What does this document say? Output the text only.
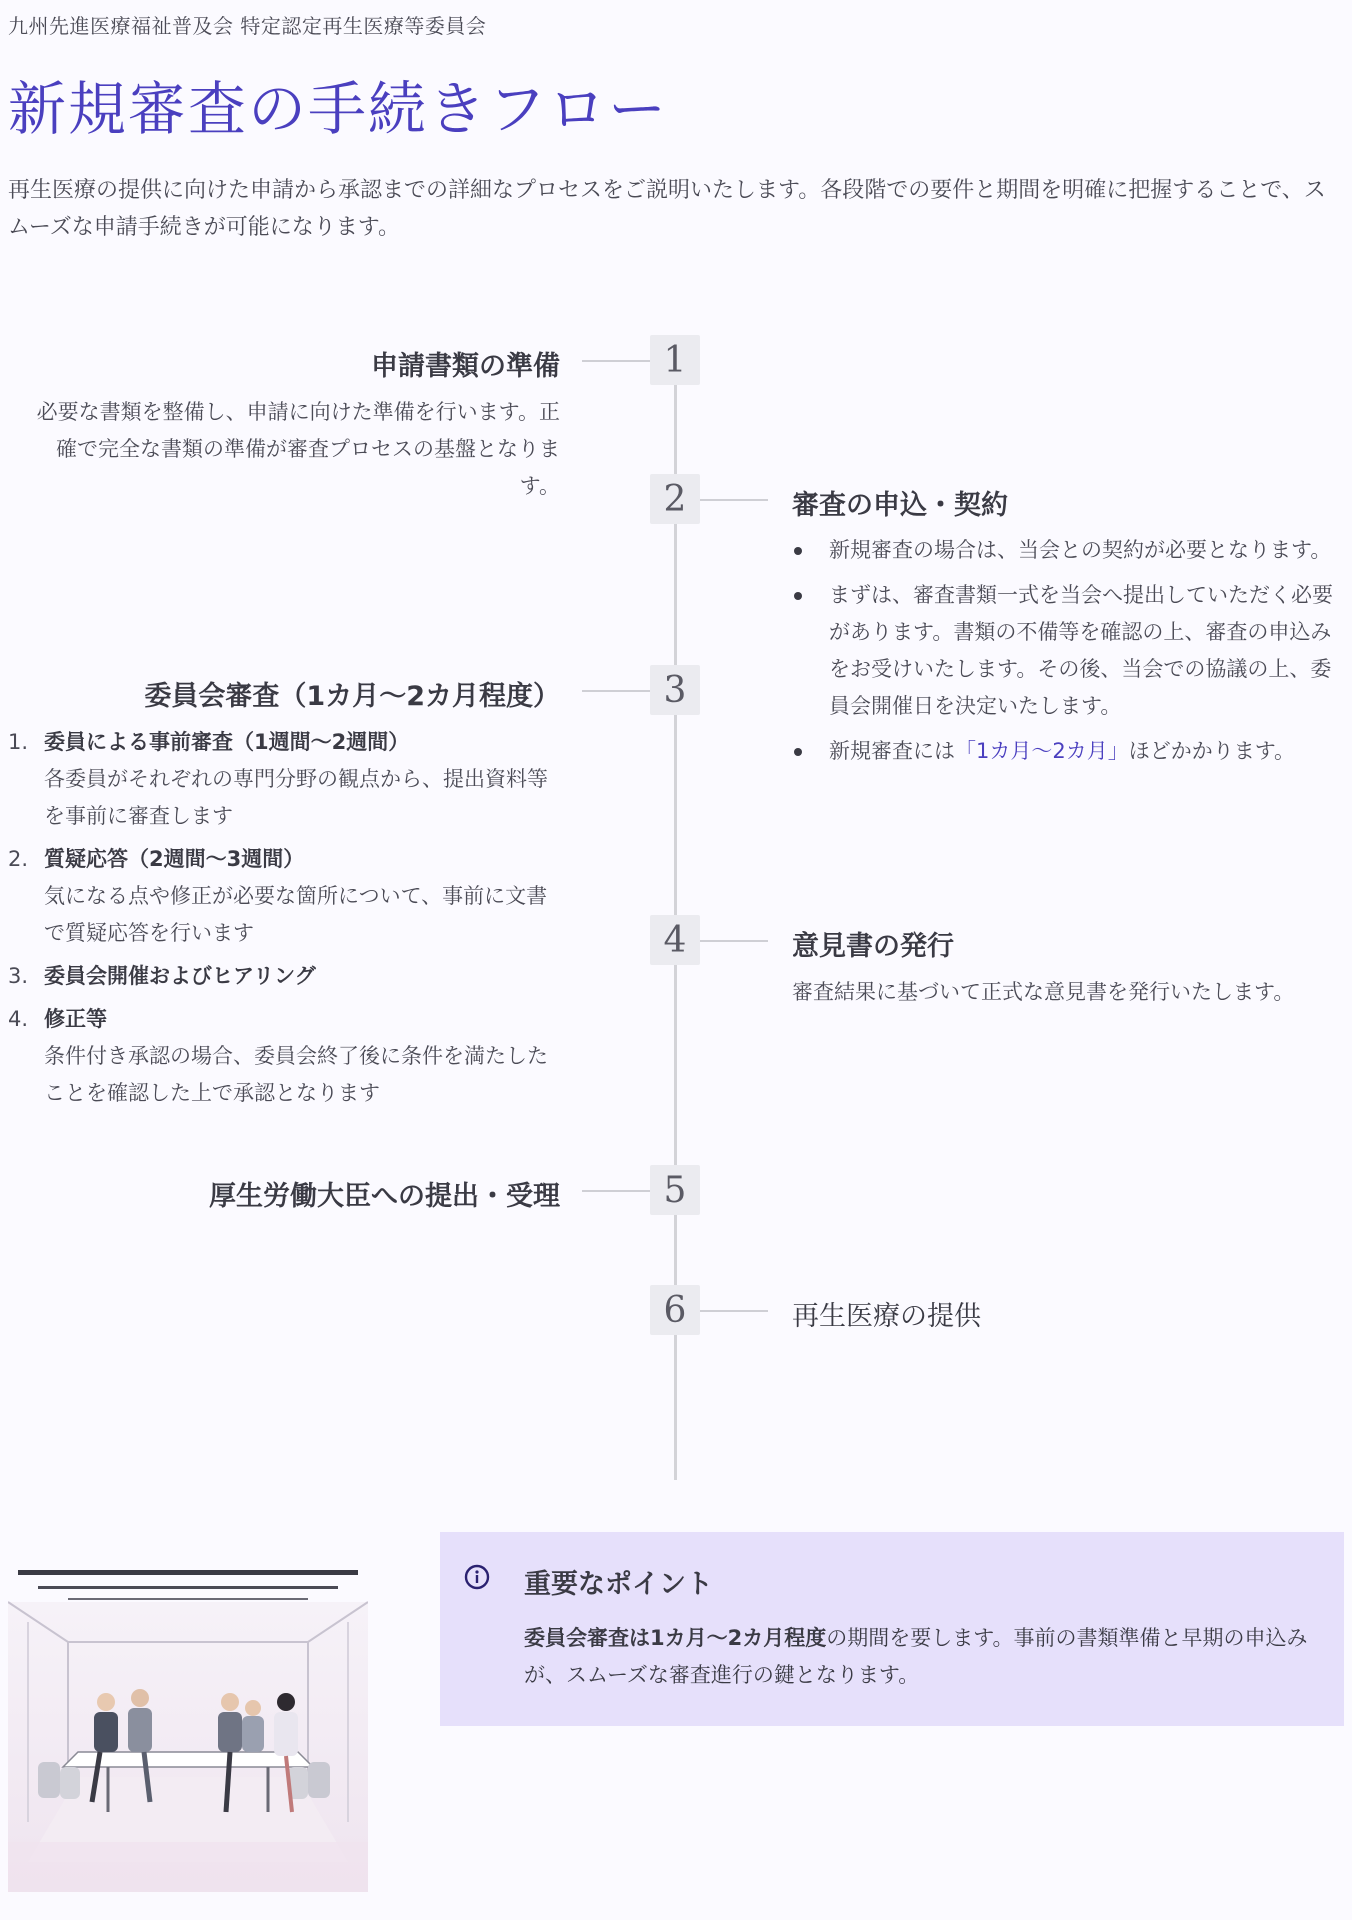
九州先進医療福祉普及会 特定認定再生医療等委員会
新規審査の手続きフロー

再生医療の提供に向けた申請から承認までの詳細なプロセスをご説明いたします。各段階での要件と期間を明確に把握することで、スムーズな申請手続きが可能になります。

1
申請書類の準備

必要な書類を整備し、申請に向けた準備を行います。正確で完全な書類の準備が審査プロセスの基盤となります。	2	審査の申込・契約
新規審査の場合は、当会との契約が必要となります。
まずは、審査書類一式を当会へ提出していただく必要があります。書類の不備等を確認の上、審査の申込みをお受けいたします。その後、当会での協議の上、委員会開催日を決定いたします。
新規審査には「1カ月〜2カ月」ほどかかります。
3
委員会審査（1カ月〜2カ月程度）
1. 委員による事前審査（1週間〜2週間）
各委員がそれぞれの専門分野の観点から、提出資料等を事前に審査します
2. 質疑応答（2週間〜3週間）
気になる点や修正が必要な箇所について、事前に文書で質疑応答を行います
3. 委員会開催およびヒアリング
4. 修正等
条件付き承認の場合、委員会終了後に条件を満たしたことを確認した上で承認となります
4	意見書の発行

審査結果に基づいて正式な意見書を発行いたします。

5
厚生労働大臣への提出・受理
6	再生医療の提供
重要なポイント

委員会審査は1カ月〜2カ月程度の期間を要します。事前の書類準備と早期の申込みが、スムーズな審査進行の鍵となります。
